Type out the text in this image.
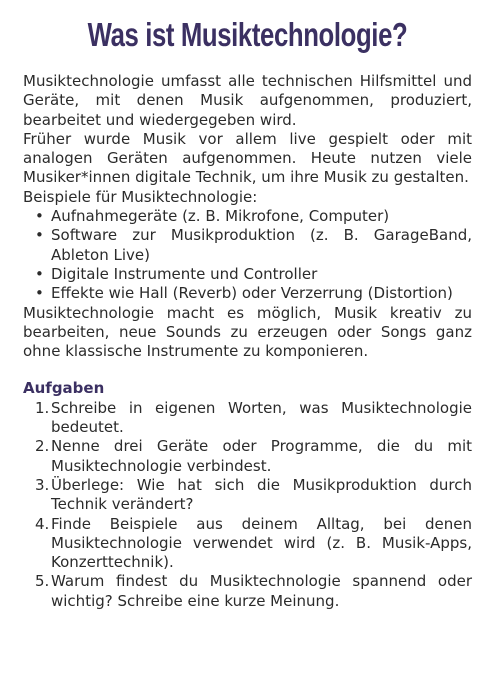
Was ist Musiktechnologie?

Musiktechnologie umfasst alle technischen Hilfsmittel und Geräte, mit denen Musik aufgenommen, produziert, bearbeitet und wiedergegeben wird.

Früher wurde Musik vor allem live gespielt oder mit analogen Geräten aufgenommen. Heute nutzen viele Musiker*innen digitale Technik, um ihre Musik zu gestalten.

Beispiele für Musiktechnologie:

• Aufnahmegeräte (z. B. Mikrofone, Computer)
• Software zur Musikproduktion (z. B. GarageBand, Ableton Live)
• Digitale Instrumente und Controller
• Effekte wie Hall (Reverb) oder Verzerrung (Distortion)

Musiktechnologie macht es möglich, Musik kreativ zu bearbeiten, neue Sounds zu erzeugen oder Songs ganz ohne klassische Instrumente zu komponieren.

Aufgaben

1. Schreibe in eigenen Worten, was Musiktechnologie bedeutet.
2. Nenne drei Geräte oder Programme, die du mit Musiktechnologie verbindest.
3. Überlege: Wie hat sich die Musikproduktion durch Technik verändert?
4. Finde Beispiele aus deinem Alltag, bei denen Musiktechnologie verwendet wird (z. B. Musik-Apps, Konzerttechnik).
5. Warum findest du Musiktechnologie spannend oder wichtig? Schreibe eine kurze Meinung.
